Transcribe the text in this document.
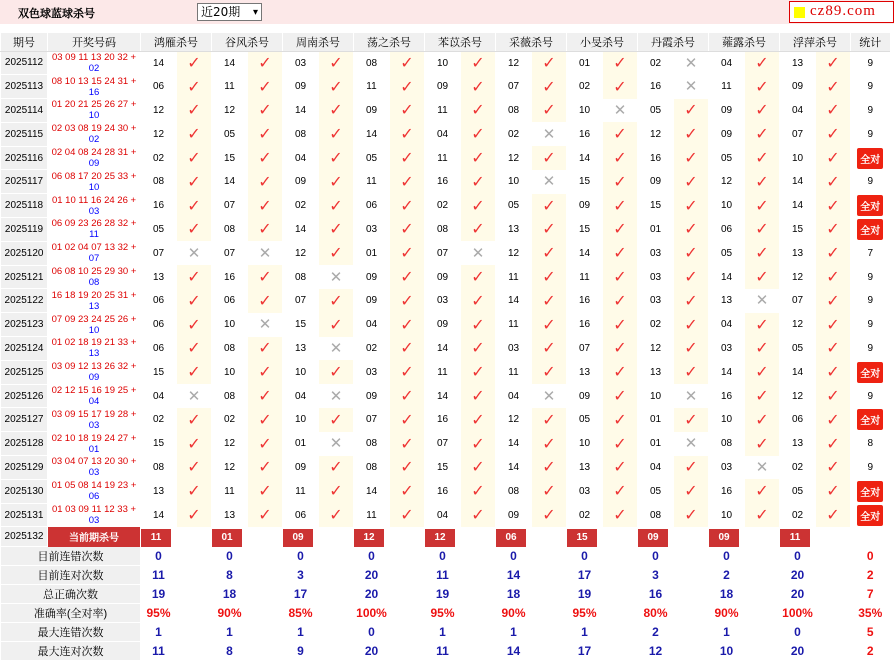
双色球蓝球杀号	近20期 ▾	cz89.com
期号	开奖号码	鸿雁杀号		谷风杀号		周南杀号		荡之杀号		苯苡杀号		采薇杀号		小旻杀号		丹霞杀号		蕹露杀号		浮萍杀号		统计
2025112	03 09 11 13 20 32 +
02	14	✓	14	✓	03	✓	08	✓	10	✓	12	✓	01	✓	02	✕	04	✓	13	✓	9
2025113	08 10 13 15 24 31 +
16	06	✓	11	✓	09	✓	11	✓	09	✓	07	✓	02	✓	16	✕	11	✓	09	✓	9
2025114	01 20 21 25 26 27 +
10	12	✓	12	✓	14	✓	09	✓	11	✓	08	✓	10	✕	05	✓	09	✓	04	✓	9
2025115	02 03 08 19 24 30 +
02	12	✓	05	✓	08	✓	14	✓	04	✓	02	✕	16	✓	12	✓	09	✓	07	✓	9
2025116	02 04 08 24 28 31 +
09	02	✓	15	✓	04	✓	05	✓	11	✓	12	✓	14	✓	16	✓	05	✓	10	✓	全对
2025117	06 08 17 20 25 33 +
10	08	✓	14	✓	09	✓	11	✓	16	✓	10	✕	15	✓	09	✓	12	✓	14	✓	9
2025118	01 10 11 16 24 26 +
03	16	✓	07	✓	02	✓	06	✓	02	✓	05	✓	09	✓	15	✓	10	✓	14	✓	全对
2025119	06 09 23 26 28 32 +
11	05	✓	08	✓	14	✓	03	✓	08	✓	13	✓	15	✓	01	✓	06	✓	15	✓	全对
2025120	01 02 04 07 13 32 +
07	07	✕	07	✕	12	✓	01	✓	07	✕	12	✓	14	✓	03	✓	05	✓	13	✓	7
2025121	06 08 10 25 29 30 +
08	13	✓	16	✓	08	✕	09	✓	09	✓	11	✓	11	✓	03	✓	14	✓	12	✓	9
2025122	16 18 19 20 25 31 +
13	06	✓	06	✓	07	✓	09	✓	03	✓	14	✓	16	✓	03	✓	13	✕	07	✓	9
2025123	07 09 23 24 25 26 +
10	06	✓	10	✕	15	✓	04	✓	09	✓	11	✓	16	✓	02	✓	04	✓	12	✓	9
2025124	01 02 18 19 21 33 +
13	06	✓	08	✓	13	✕	02	✓	14	✓	03	✓	07	✓	12	✓	03	✓	05	✓	9
2025125	03 09 12 13 26 32 +
09	15	✓	10	✓	10	✓	03	✓	11	✓	11	✓	13	✓	13	✓	14	✓	14	✓	全对
2025126	02 12 15 16 19 25 +
04	04	✕	08	✓	04	✕	09	✓	14	✓	04	✕	09	✓	10	✕	16	✓	12	✓	9
2025127	03 09 15 17 19 28 +
03	02	✓	02	✓	10	✓	07	✓	16	✓	12	✓	05	✓	01	✓	10	✓	06	✓	全对
2025128	02 10 18 19 24 27 +
01	15	✓	12	✓	01	✕	08	✓	07	✓	14	✓	10	✓	01	✕	08	✓	13	✓	8
2025129	03 04 07 13 20 30 +
03	08	✓	12	✓	09	✓	08	✓	15	✓	14	✓	13	✓	04	✓	03	✕	02	✓	9
2025130	01 05 08 14 19 23 +
06	13	✓	11	✓	11	✓	14	✓	16	✓	08	✓	03	✓	05	✓	16	✓	05	✓	全对
2025131	01 03 09 11 12 33 +
03	14	✓	13	✓	06	✓	11	✓	04	✓	09	✓	02	✓	08	✓	10	✓	02	✓	全对
2025132	当前期杀号	11		01		09		12		12		06		15		09		09		11		
目前连错次数		0		0		0		0		0		0		0		0		0		0		0
目前连对次数		11		8		3		20		11		14		17		3		2		20		2
总正确次数		19		18		17		20		19		18		19		16		18		20		7
准确率(全对率)		95%		90%		85%		100%		95%		90%		95%		80%		90%		100%		35%
最大连错次数		1		1		1		0		1		1		1		2		1		0		5
最大连对次数		11		8		9		20		11		14		17		12		10		20		2
